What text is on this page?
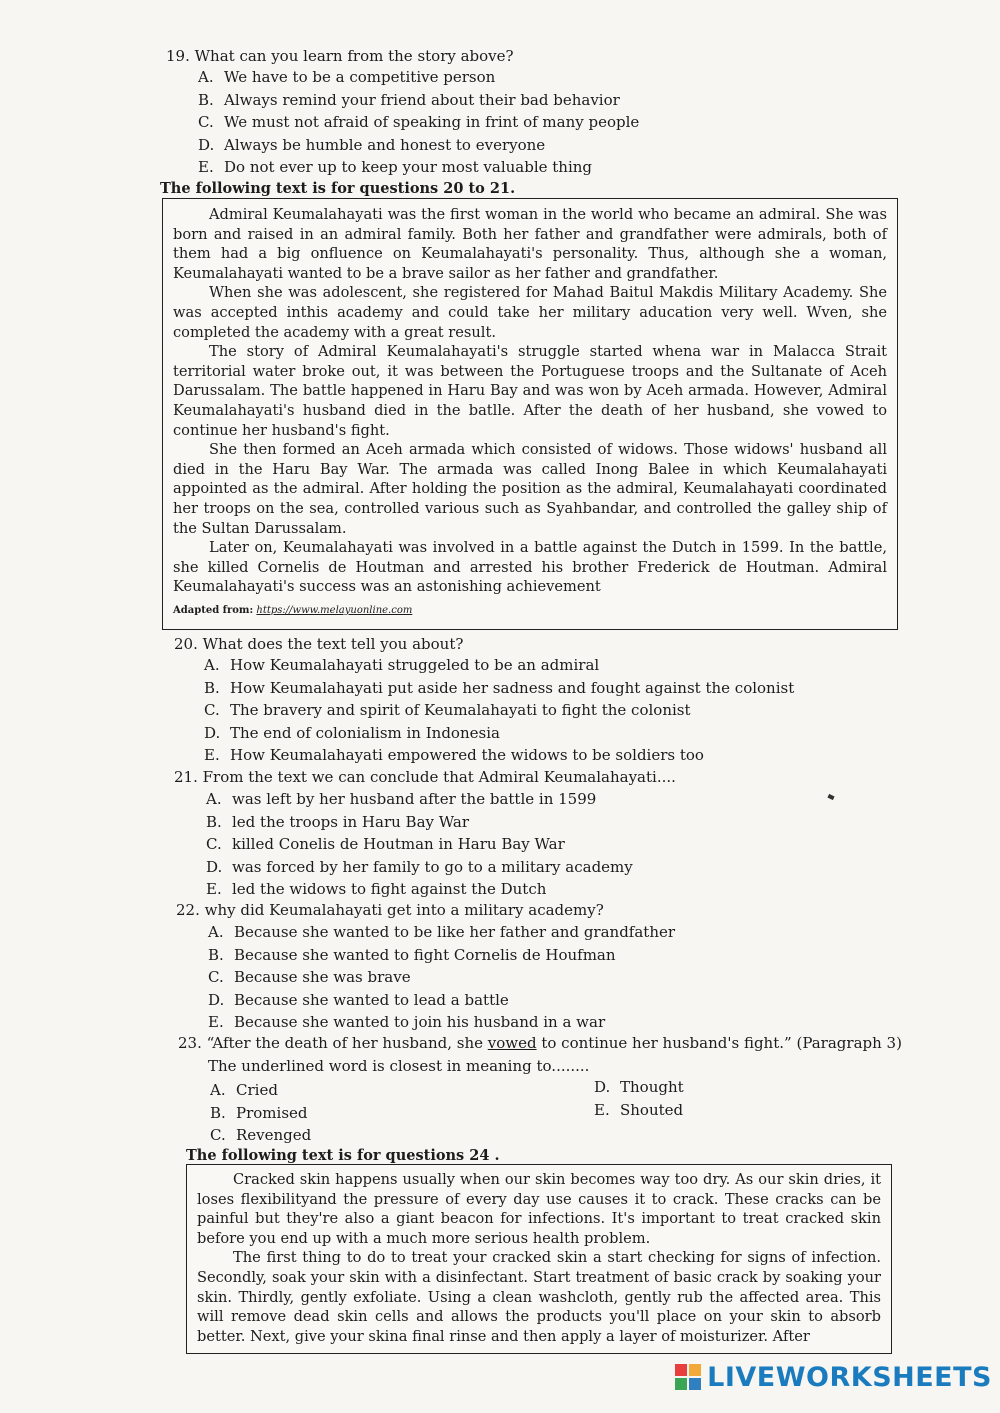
19. What can you learn from the story above?
A. We have to be a competitive person
B. Always remind your friend about their bad behavior
C. We must not afraid of speaking in frint of many people
D. Always be humble and honest to everyone
E. Do not ever up to keep your most valuable thing
The following text is for questions 20 to 21.

Admiral Keumalahayati was the first woman in the world who became an admiral. She was born and raised in an admiral family. Both her father and grandfather were admirals, both of them had a big onfluence on Keumalahayati's personality. Thus, although she a woman, Keumalahayati wanted to be a brave sailor as her father and grandfather.

When she was adolescent, she registered for Mahad Baitul Makdis Military Academy. She was accepted inthis academy and could take her military aducation very well. Wven, she completed the academy with a great result.

The story of Admiral Keumalahayati's struggle started whena war in Malacca Strait territorial water broke out, it was between the Portuguese troops and the Sultanate of Aceh Darussalam. The battle happened in Haru Bay and was won by Aceh armada. However, Admiral Keumalahayati's husband died in the batlle. After the death of her husband, she vowed to continue her husband's fight.

She then formed an Aceh armada which consisted of widows. Those widows' husband all died in the Haru Bay War. The armada was called Inong Balee in which Keumalahayati appointed as the admiral. After holding the position as the admiral, Keumalahayati coordinated her troops on the sea, controlled various such as Syahbandar, and controlled the galley ship of the Sultan Darussalam.

Later on, Keumalahayati was involved in a battle against the Dutch in 1599. In the battle, she killed Cornelis de Houtman and arrested his brother Frederick de Houtman. Admiral Keumalahayati's success was an astonishing achievement

Adapted from: https://www.melayuonline.com
20. What does the text tell you about?
A. How Keumalahayati struggeled to be an admiral
B. How Keumalahayati put aside her sadness and fought against the colonist
C. The bravery and spirit of Keumalahayati to fight the colonist
D. The end of colonialism in Indonesia
E. How Keumalahayati empowered the widows to be soldiers too
21. From the text we can conclude that Admiral Keumalahayati....
A. was left by her husband after the battle in 1599
B. led the troops in Haru Bay War
C. killed Conelis de Houtman in Haru Bay War
D. was forced by her family to go to a military academy
E. led the widows to fight against the Dutch
22. why did Keumalahayati get into a military academy?
A. Because she wanted to be like her father and grandfather
B. Because she wanted to fight Cornelis de Houfman
C. Because she was brave
D. Because she wanted to lead a battle
E. Because she wanted to join his husband in a war
23. “After the death of her husband, she vowed to continue her husband's fight.” (Paragraph 3)
The underlined word is closest in meaning to........
A. Cried
B. Promised
C. Revenged
D. Thought
E. Shouted
The following text is for questions 24 .

Cracked skin happens usually when our skin becomes way too dry. As our skin dries, it loses flexibilityand the pressure of every day use causes it to crack. These cracks can be painful but they're also a giant beacon for infections. It's important to treat cracked skin before you end up with a much more serious health problem.

The first thing to do to treat your cracked skin a start checking for signs of infection. Secondly, soak your skin with a disinfectant. Start treatment of basic crack by soaking your skin. Thirdly, gently exfoliate. Using a clean washcloth, gently rub the affected area. This will remove dead skin cells and allows the products you'll place on your skin to absorb better. Next, give your skina final rinse and then apply a layer of moisturizer. After

LIVEWORKSHEETS
